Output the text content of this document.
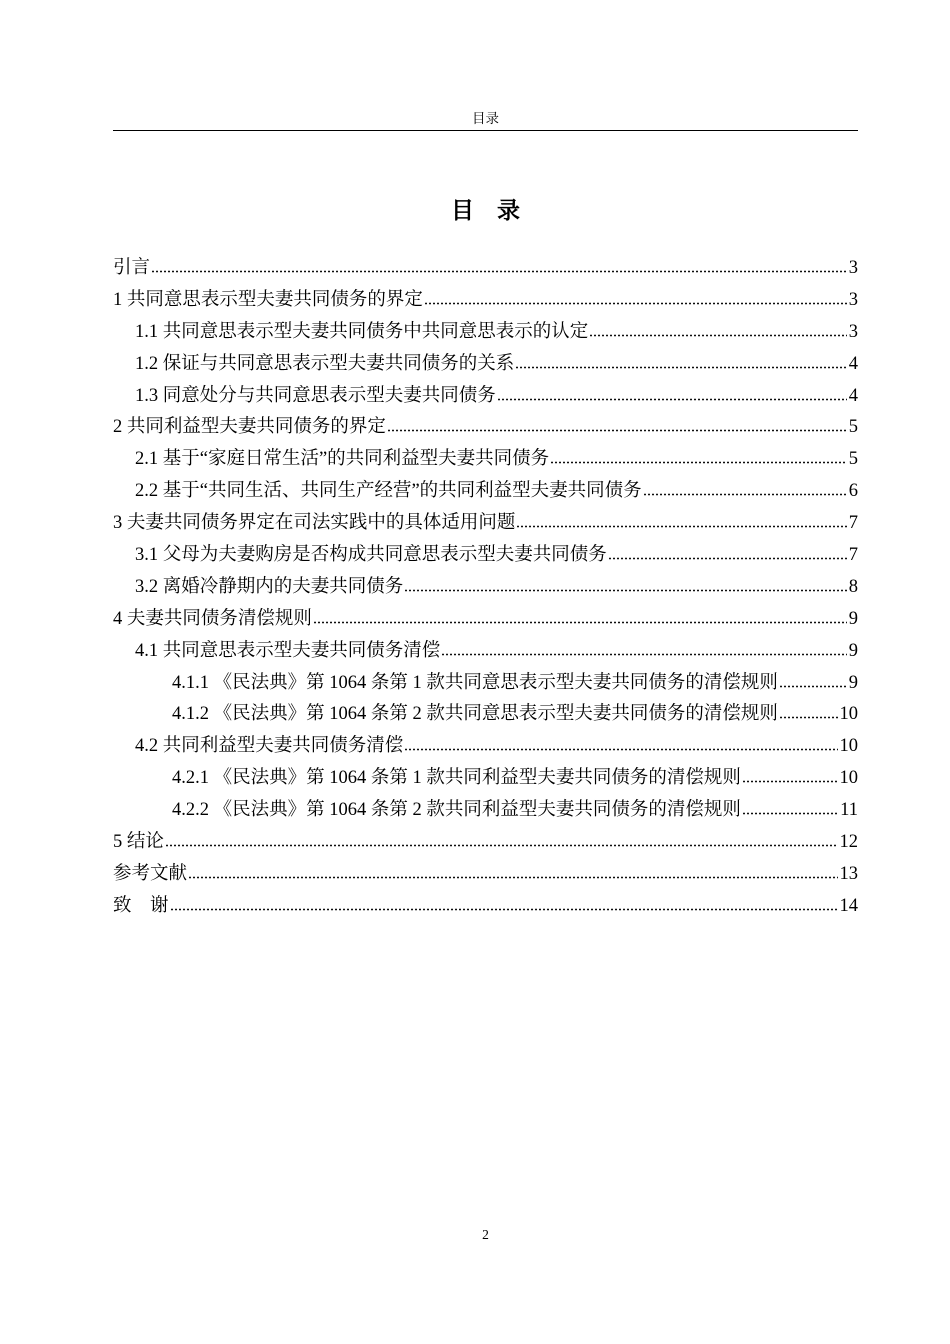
目录
目　录
引言	3
1 共同意思表示型夫妻共同债务的界定	3
1.1 共同意思表示型夫妻共同债务中共同意思表示的认定	3
1.2 保证与共同意思表示型夫妻共同债务的关系	4
1.3 同意处分与共同意思表示型夫妻共同债务	4
2 共同利益型夫妻共同债务的界定	5
2.1 基于“家庭日常生活”的共同利益型夫妻共同债务	5
2.2 基于“共同生活、共同生产经营”的共同利益型夫妻共同债务	6
3 夫妻共同债务界定在司法实践中的具体适用问题	7
3.1 父母为夫妻购房是否构成共同意思表示型夫妻共同债务	7
3.2 离婚冷静期内的夫妻共同债务	8
4 夫妻共同债务清偿规则	9
4.1 共同意思表示型夫妻共同债务清偿	9
4.1.1 《民法典》第 1064 条第 1 款共同意思表示型夫妻共同债务的清偿规则	9
4.1.2 《民法典》第 1064 条第 2 款共同意思表示型夫妻共同债务的清偿规则	10
4.2 共同利益型夫妻共同债务清偿	10
4.2.1 《民法典》第 1064 条第 1 款共同利益型夫妻共同债务的清偿规则	10
4.2.2 《民法典》第 1064 条第 2 款共同利益型夫妻共同债务的清偿规则	11
5 结论	12
参考文献	13
致　谢	14
2
